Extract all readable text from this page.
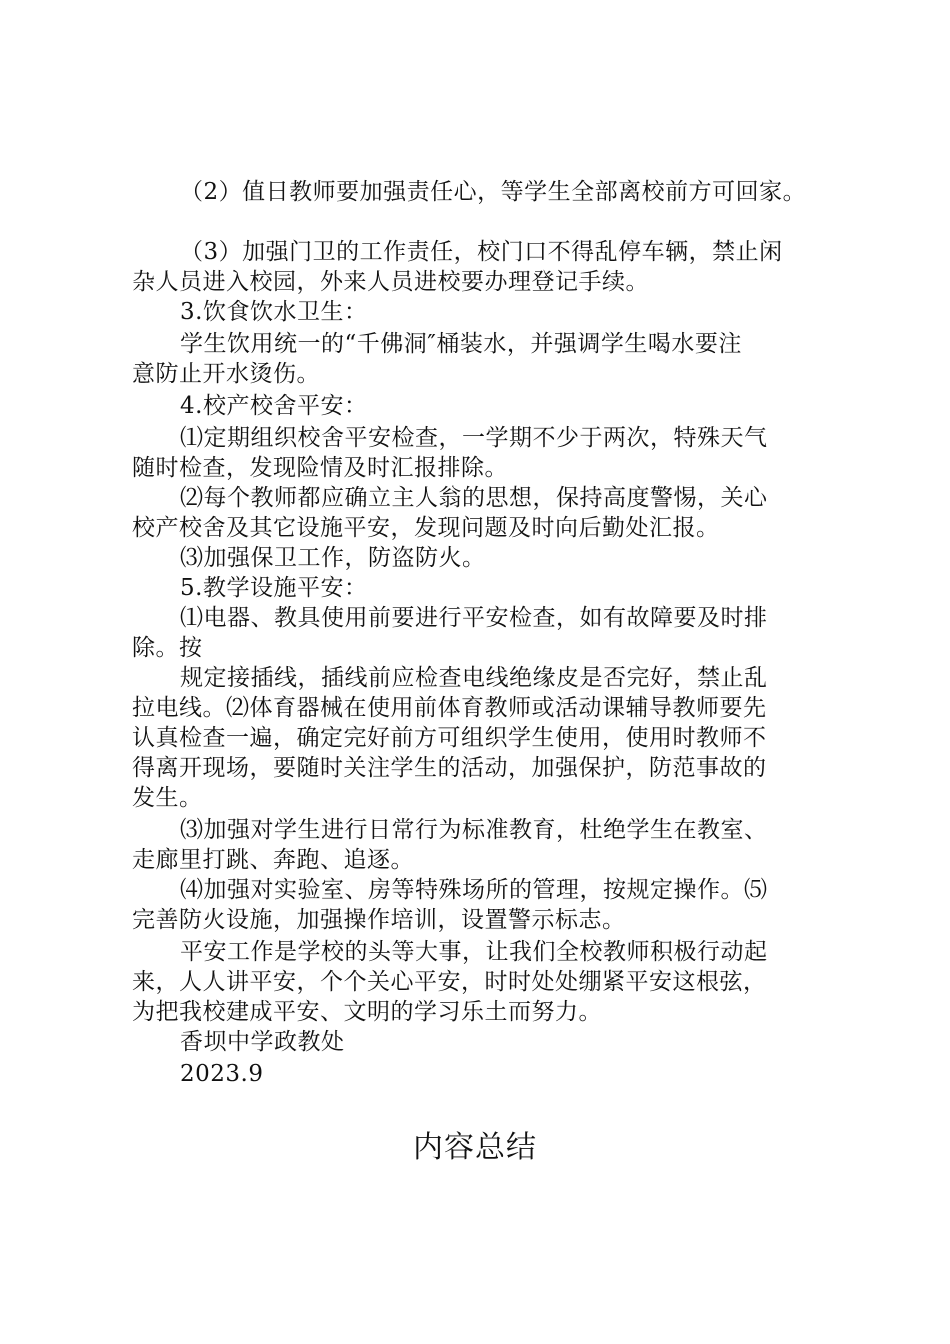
（2）值日教师要加强责任心，等学生全部离校前方可回家。
（3）加强门卫的工作责任，校门口不得乱停车辆，禁止闲
杂人员进入校园，外来人员进校要办理登记手续。
3.饮食饮水卫生：
学生饮用统一的“千佛洞″桶装水，并强调学生喝水要注
意防止开水烫伤。
4.校产校舍平安：
⑴定期组织校舍平安检查，一学期不少于两次，特殊天气
随时检查，发现险情及时汇报排除。
⑵每个教师都应确立主人翁的思想，保持高度警惕，关心
校产校舍及其它设施平安，发现问题及时向后勤处汇报。
⑶加强保卫工作，防盗防火。
5.教学设施平安：
⑴电器、教具使用前要进行平安检查，如有故障要及时排
除。按
规定接插线，插线前应检查电线绝缘皮是否完好，禁止乱
拉电线。⑵体育器械在使用前体育教师或活动课辅导教师要先
认真检查一遍，确定完好前方可组织学生使用，使用时教师不
得离开现场，要随时关注学生的活动，加强保护，防范事故的
发生。
⑶加强对学生进行日常行为标准教育，杜绝学生在教室、
走廊里打跳、奔跑、追逐。
⑷加强对实验室、房等特殊场所的管理，按规定操作。⑸
完善防火设施，加强操作培训，设置警示标志。
平安工作是学校的头等大事，让我们全校教师积极行动起
来，人人讲平安，个个关心平安，时时处处绷紧平安这根弦，
为把我校建成平安、文明的学习乐土而努力。
香坝中学政教处
2023.9
内容总结
